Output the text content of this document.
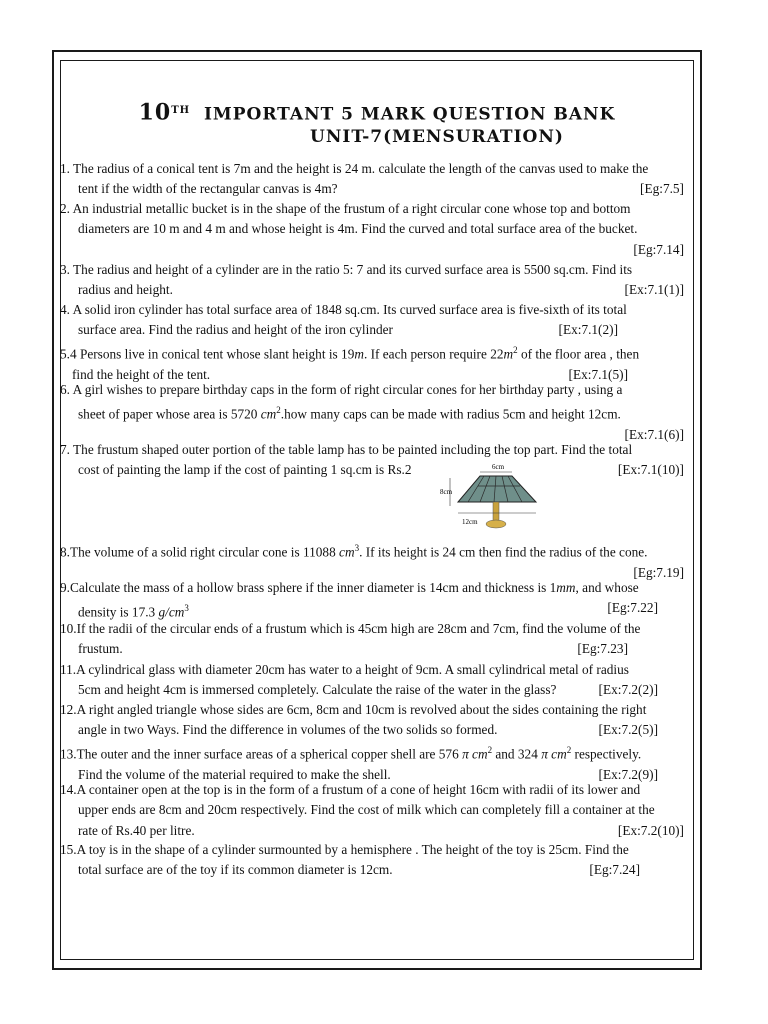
10TH IMPORTANT 5 MARK QUESTION BANK
UNIT-7(MENSURATION)
1. The radius of a conical tent is 7m and the height is 24 m. calculate the length of the canvas used to make the
tent if the width of the rectangular canvas is 4m?	[Eg:7.5]
2. An industrial metallic bucket is in the shape of the frustum of a right circular cone whose top and bottom
diameters are 10 m and 4 m and whose height is 4m. Find the curved and total surface area of the bucket.
[Eg:7.14]
3. The radius and height of a cylinder are in the ratio 5: 7 and its curved surface area is 5500 sq.cm. Find its
radius and height.	[Ex:7.1(1)]
4. A solid iron cylinder has total surface area of 1848 sq.cm. Its curved surface area is five-sixth of its total
surface area. Find the radius and height of the iron cylinder	[Ex:7.1(2)]
5.4 Persons live in conical tent whose slant height is 19m. If each person require $22m^2$ of the floor area , then
find the height of the tent.	[Ex:7.1(5)]
6. A girl wishes to prepare birthday caps in the form of right circular cones for her birthday party , using a
sheet of paper whose area is 5720 $cm^2.how$ many caps can be made with radius 5cm and height 12cm.
[Ex:7.1(6)]
7. The frustum shaped outer portion of the table lamp has to be painted including the top part. Find the total
cost of painting the lamp if the cost of painting 1 sq.cm is Rs.2	[Ex:7.1(10)]
6cm
8cm
12cm
8.The volume of a solid right circular cone is 11088 $cm^3$. If its height is 24 cm then find the radius of the cone.
[Eg:7.19]
9.Calculate the mass of a hollow brass sphere if the inner diameter is 14cm and thickness is 1mm, and whose
density is 17.3 $g/cm^3$	[Eg:7.22]
10.If the radii of the circular ends of a frustum which is 45cm high are 28cm and 7cm, find the volume of the
frustum.	[Eg:7.23]
11.A cylindrical glass with diameter 20cm has water to a height of 9cm. A small cylindrical metal of radius
5cm and height 4cm is immersed completely. Calculate the raise of the water in the glass?	[Ex:7.2(2)]
12.A right angled triangle whose sides are 6cm, 8cm and 10cm is revolved about the sides containing the right
angle in two Ways. Find the difference in volumes of the two solids so formed.	[Ex:7.2(5)]
13.The outer and the inner surface areas of a spherical copper shell are 576 π $cm^2$ and 324 π $cm^2$ respectively.
Find the volume of the material required to make the shell.	[Ex:7.2(9)]
14.A container open at the top is in the form of a frustum of a cone of height 16cm with radii of its lower and
upper ends are 8cm and 20cm respectively. Find the cost of milk which can completely fill a container at the
rate of Rs.40 per litre.	[Ex:7.2(10)]
15.A toy is in the shape of a cylinder surmounted by a hemisphere . The height of the toy is 25cm. Find the
total surface are of the toy if its common diameter is 12cm.	[Eg:7.24]
